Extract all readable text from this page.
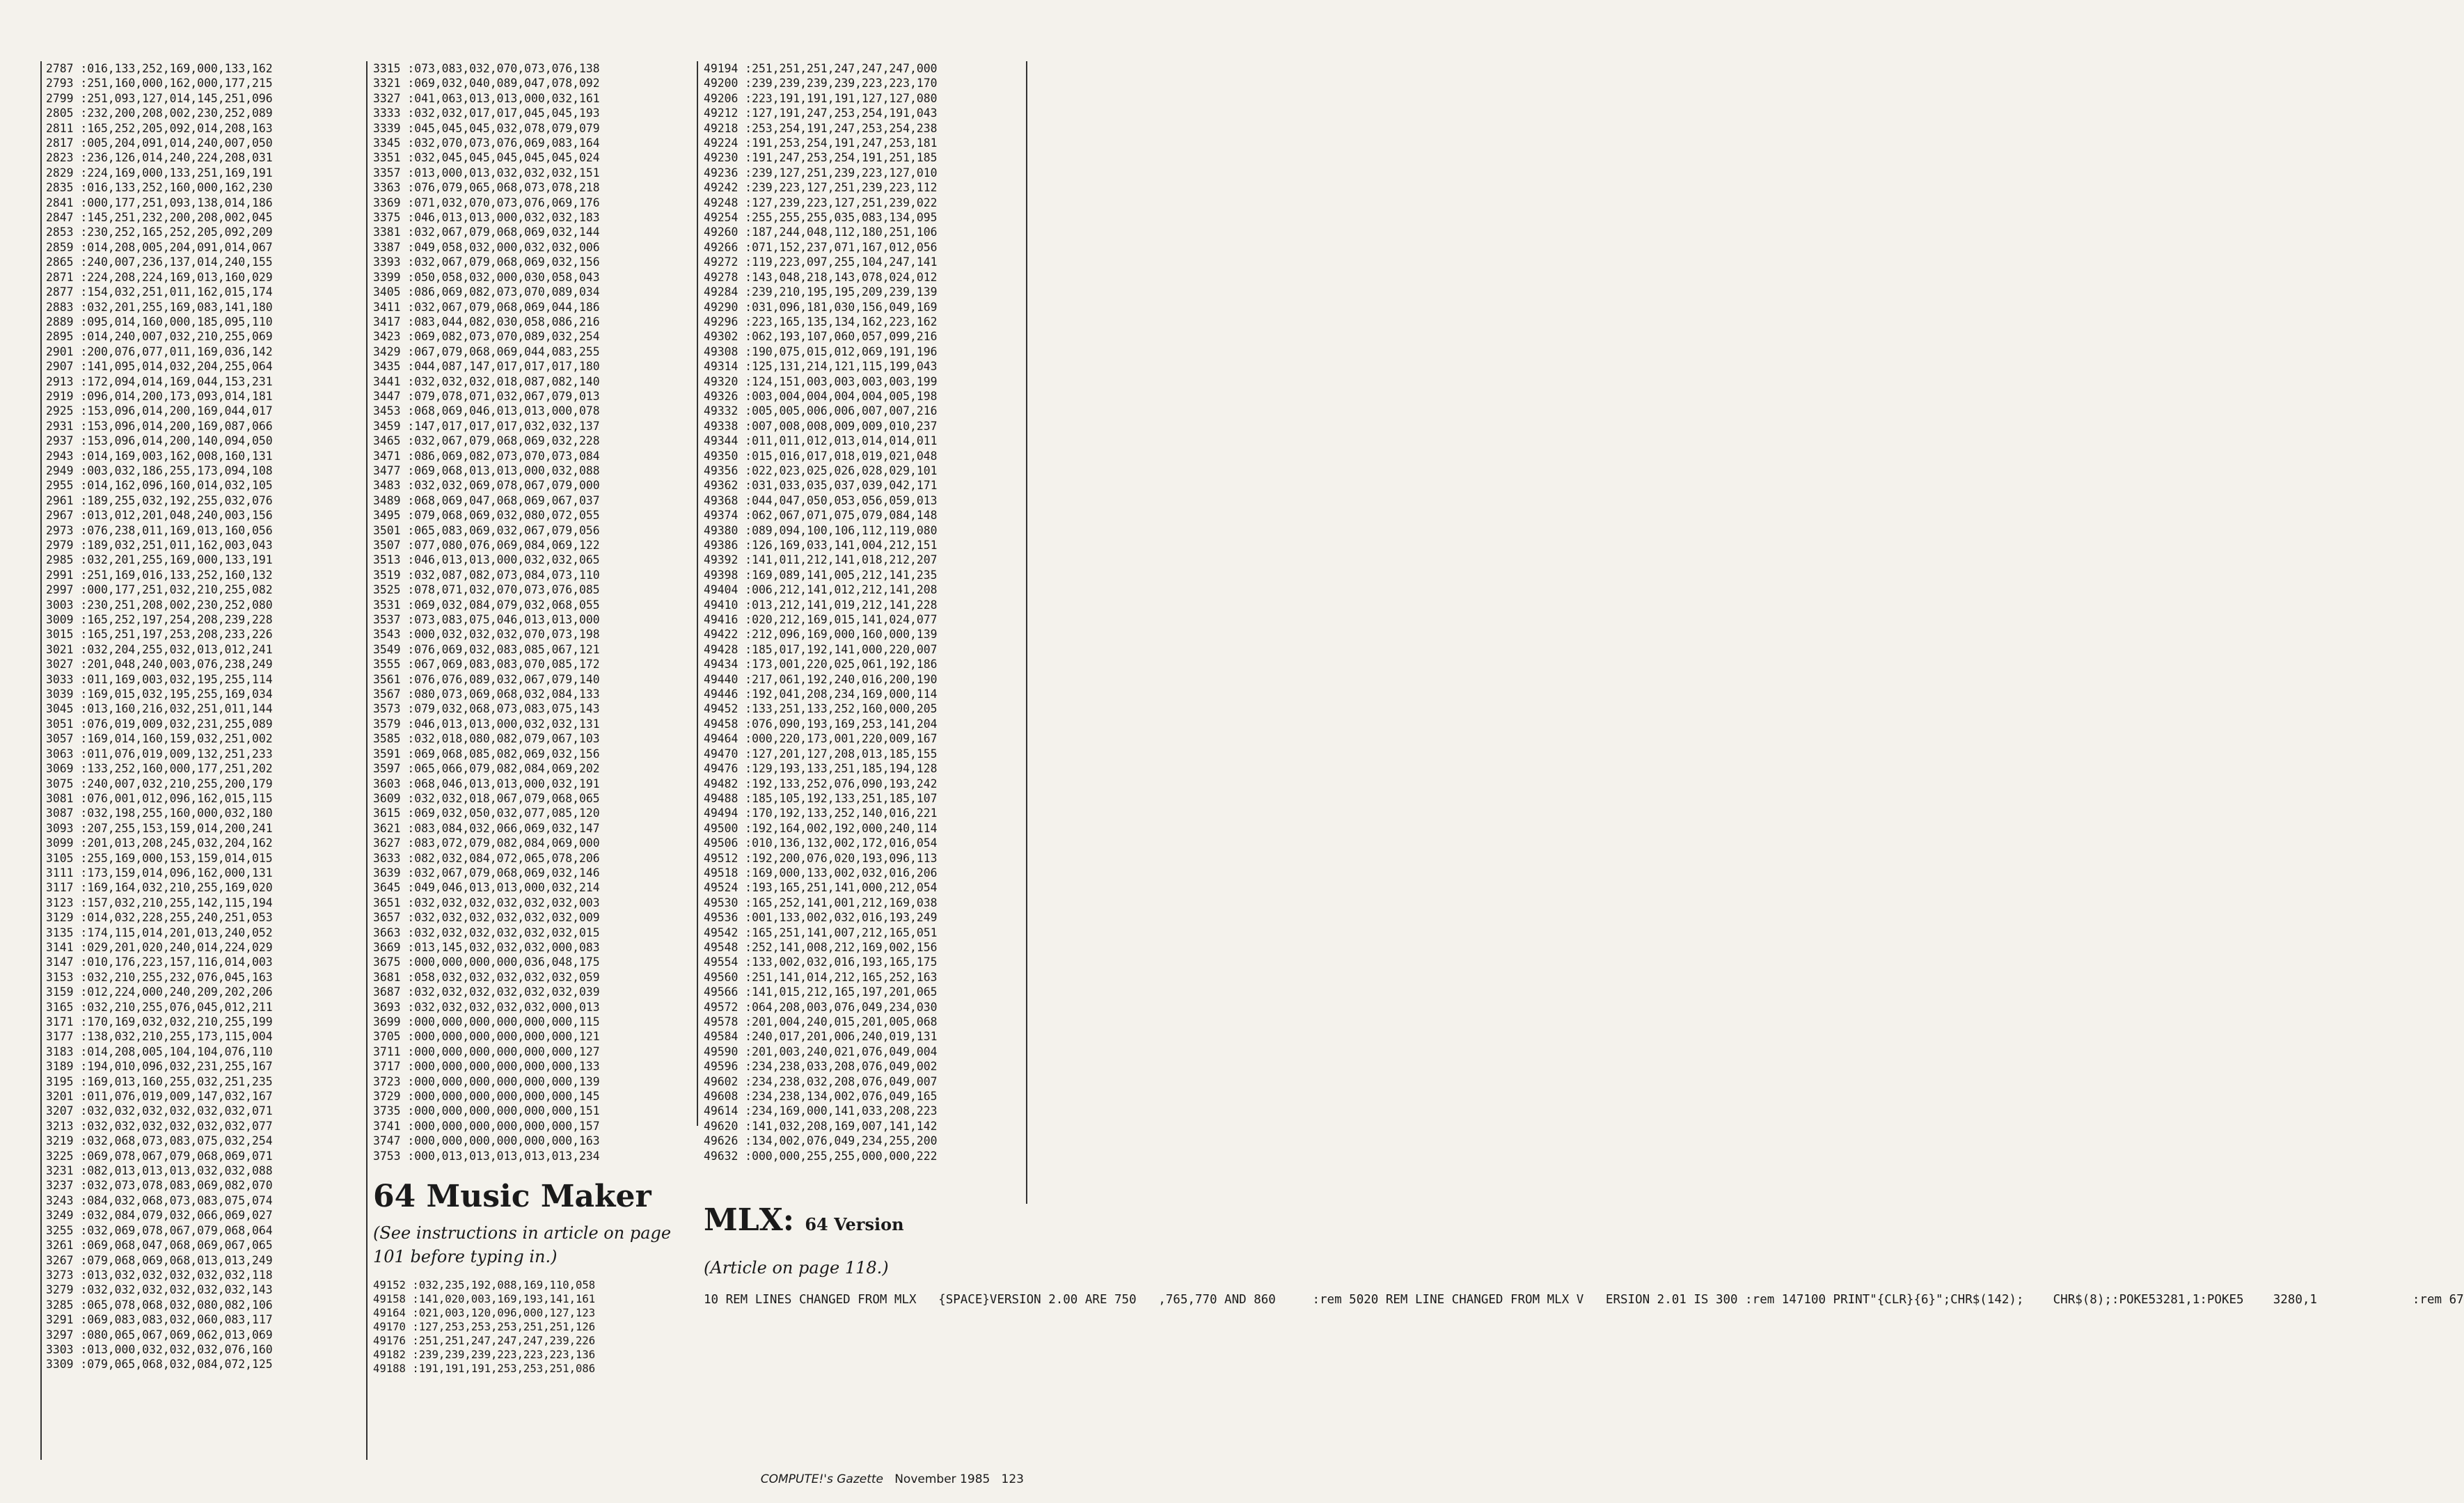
2787 :016,133,252,169,000,133,162
2793 :251,160,000,162,000,177,215
2799 :251,093,127,014,145,251,096
2805 :232,200,208,002,230,252,089
2811 :165,252,205,092,014,208,163
2817 :005,204,091,014,240,007,050
2823 :236,126,014,240,224,208,031
2829 :224,169,000,133,251,169,191
2835 :016,133,252,160,000,162,230
2841 :000,177,251,093,138,014,186
2847 :145,251,232,200,208,002,045
2853 :230,252,165,252,205,092,209
2859 :014,208,005,204,091,014,067
2865 :240,007,236,137,014,240,155
2871 :224,208,224,169,013,160,029
2877 :154,032,251,011,162,015,174
2883 :032,201,255,169,083,141,180
2889 :095,014,160,000,185,095,110
2895 :014,240,007,032,210,255,069
2901 :200,076,077,011,169,036,142
2907 :141,095,014,032,204,255,064
2913 :172,094,014,169,044,153,231
2919 :096,014,200,173,093,014,181
2925 :153,096,014,200,169,044,017
2931 :153,096,014,200,169,087,066
2937 :153,096,014,200,140,094,050
2943 :014,169,003,162,008,160,131
2949 :003,032,186,255,173,094,108
2955 :014,162,096,160,014,032,105
2961 :189,255,032,192,255,032,076
2967 :013,012,201,048,240,003,156
2973 :076,238,011,169,013,160,056
2979 :189,032,251,011,162,003,043
2985 :032,201,255,169,000,133,191
2991 :251,169,016,133,252,160,132
2997 :000,177,251,032,210,255,082
3003 :230,251,208,002,230,252,080
3009 :165,252,197,254,208,239,228
3015 :165,251,197,253,208,233,226
3021 :032,204,255,032,013,012,241
3027 :201,048,240,003,076,238,249
3033 :011,169,003,032,195,255,114
3039 :169,015,032,195,255,169,034
3045 :013,160,216,032,251,011,144
3051 :076,019,009,032,231,255,089
3057 :169,014,160,159,032,251,002
3063 :011,076,019,009,132,251,233
3069 :133,252,160,000,177,251,202
3075 :240,007,032,210,255,200,179
3081 :076,001,012,096,162,015,115
3087 :032,198,255,160,000,032,180
3093 :207,255,153,159,014,200,241
3099 :201,013,208,245,032,204,162
3105 :255,169,000,153,159,014,015
3111 :173,159,014,096,162,000,131
3117 :169,164,032,210,255,169,020
3123 :157,032,210,255,142,115,194
3129 :014,032,228,255,240,251,053
3135 :174,115,014,201,013,240,052
3141 :029,201,020,240,014,224,029
3147 :010,176,223,157,116,014,003
3153 :032,210,255,232,076,045,163
3159 :012,224,000,240,209,202,206
3165 :032,210,255,076,045,012,211
3171 :170,169,032,032,210,255,199
3177 :138,032,210,255,173,115,004
3183 :014,208,005,104,104,076,110
3189 :194,010,096,032,231,255,167
3195 :169,013,160,255,032,251,235
3201 :011,076,019,009,147,032,167
3207 :032,032,032,032,032,032,071
3213 :032,032,032,032,032,032,077
3219 :032,068,073,083,075,032,254
3225 :069,078,067,079,068,069,071
3231 :082,013,013,013,032,032,088
3237 :032,073,078,083,069,082,070
3243 :084,032,068,073,083,075,074
3249 :032,084,079,032,066,069,027
3255 :032,069,078,067,079,068,064
3261 :069,068,047,068,069,067,065
3267 :079,068,069,068,013,013,249
3273 :013,032,032,032,032,032,118
3279 :032,032,032,032,032,032,143
3285 :065,078,068,032,080,082,106
3291 :069,083,083,032,060,083,117
3297 :080,065,067,069,062,013,069
3303 :013,000,032,032,032,076,160
3309 :079,065,068,032,084,072,125
3315 :073,083,032,070,073,076,138
3321 :069,032,040,089,047,078,092
3327 :041,063,013,013,000,032,161
3333 :032,032,017,017,045,045,193
3339 :045,045,045,032,078,079,079
3345 :032,070,073,076,069,083,164
3351 :032,045,045,045,045,045,024
3357 :013,000,013,032,032,032,151
3363 :076,079,065,068,073,078,218
3369 :071,032,070,073,076,069,176
3375 :046,013,013,000,032,032,183
3381 :032,067,079,068,069,032,144
3387 :049,058,032,000,032,032,006
3393 :032,067,079,068,069,032,156
3399 :050,058,032,000,030,058,043
3405 :086,069,082,073,070,089,034
3411 :032,067,079,068,069,044,186
3417 :083,044,082,030,058,086,216
3423 :069,082,073,070,089,032,254
3429 :067,079,068,069,044,083,255
3435 :044,087,147,017,017,017,180
3441 :032,032,032,018,087,082,140
3447 :079,078,071,032,067,079,013
3453 :068,069,046,013,013,000,078
3459 :147,017,017,017,032,032,137
3465 :032,067,079,068,069,032,228
3471 :086,069,082,073,070,073,084
3477 :069,068,013,013,000,032,088
3483 :032,032,069,078,067,079,000
3489 :068,069,047,068,069,067,037
3495 :079,068,069,032,080,072,055
3501 :065,083,069,032,067,079,056
3507 :077,080,076,069,084,069,122
3513 :046,013,013,000,032,032,065
3519 :032,087,082,073,084,073,110
3525 :078,071,032,070,073,076,085
3531 :069,032,084,079,032,068,055
3537 :073,083,075,046,013,013,000
3543 :000,032,032,032,070,073,198
3549 :076,069,032,083,085,067,121
3555 :067,069,083,083,070,085,172
3561 :076,076,089,032,067,079,140
3567 :080,073,069,068,032,084,133
3573 :079,032,068,073,083,075,143
3579 :046,013,013,000,032,032,131
3585 :032,018,080,082,079,067,103
3591 :069,068,085,082,069,032,156
3597 :065,066,079,082,084,069,202
3603 :068,046,013,013,000,032,191
3609 :032,032,018,067,079,068,065
3615 :069,032,050,032,077,085,120
3621 :083,084,032,066,069,032,147
3627 :083,072,079,082,084,069,000
3633 :082,032,084,072,065,078,206
3639 :032,067,079,068,069,032,146
3645 :049,046,013,013,000,032,214
3651 :032,032,032,032,032,032,003
3657 :032,032,032,032,032,032,009
3663 :032,032,032,032,032,032,015
3669 :013,145,032,032,032,000,083
3675 :000,000,000,000,036,048,175
3681 :058,032,032,032,032,032,059
3687 :032,032,032,032,032,032,039
3693 :032,032,032,032,032,000,013
3699 :000,000,000,000,000,000,115
3705 :000,000,000,000,000,000,121
3711 :000,000,000,000,000,000,127
3717 :000,000,000,000,000,000,133
3723 :000,000,000,000,000,000,139
3729 :000,000,000,000,000,000,145
3735 :000,000,000,000,000,000,151
3741 :000,000,000,000,000,000,157
3747 :000,000,000,000,000,000,163
3753 :000,013,013,013,013,013,234
64 Music Maker
(See instructions in article on page 101 before typing in.)
49152 :032,235,192,088,169,110,058
49158 :141,020,003,169,193,141,161
49164 :021,003,120,096,000,127,123
49170 :127,253,253,253,251,251,126
49176 :251,251,247,247,247,239,226
49182 :239,239,239,223,223,223,136
49188 :191,191,191,253,253,251,086
49194 :251,251,251,247,247,247,000
49200 :239,239,239,239,223,223,170
49206 :223,191,191,191,127,127,080
49212 :127,191,247,253,254,191,043
49218 :253,254,191,247,253,254,238
49224 :191,253,254,191,247,253,181
49230 :191,247,253,254,191,251,185
49236 :239,127,251,239,223,127,010
49242 :239,223,127,251,239,223,112
49248 :127,239,223,127,251,239,022
49254 :255,255,255,035,083,134,095
49260 :187,244,048,112,180,251,106
49266 :071,152,237,071,167,012,056
49272 :119,223,097,255,104,247,141
49278 :143,048,218,143,078,024,012
49284 :239,210,195,195,209,239,139
49290 :031,096,181,030,156,049,169
49296 :223,165,135,134,162,223,162
49302 :062,193,107,060,057,099,216
49308 :190,075,015,012,069,191,196
49314 :125,131,214,121,115,199,043
49320 :124,151,003,003,003,003,199
49326 :003,004,004,004,004,005,198
49332 :005,005,006,006,007,007,216
49338 :007,008,008,009,009,010,237
49344 :011,011,012,013,014,014,011
49350 :015,016,017,018,019,021,048
49356 :022,023,025,026,028,029,101
49362 :031,033,035,037,039,042,171
49368 :044,047,050,053,056,059,013
49374 :062,067,071,075,079,084,148
49380 :089,094,100,106,112,119,080
49386 :126,169,033,141,004,212,151
49392 :141,011,212,141,018,212,207
49398 :169,089,141,005,212,141,235
49404 :006,212,141,012,212,141,208
49410 :013,212,141,019,212,141,228
49416 :020,212,169,015,141,024,077
49422 :212,096,169,000,160,000,139
49428 :185,017,192,141,000,220,007
49434 :173,001,220,025,061,192,186
49440 :217,061,192,240,016,200,190
49446 :192,041,208,234,169,000,114
49452 :133,251,133,252,160,000,205
49458 :076,090,193,169,253,141,204
49464 :000,220,173,001,220,009,167
49470 :127,201,127,208,013,185,155
49476 :129,193,133,251,185,194,128
49482 :192,133,252,076,090,193,242
49488 :185,105,192,133,251,185,107
49494 :170,192,133,252,140,016,221
49500 :192,164,002,192,000,240,114
49506 :010,136,132,002,172,016,054
49512 :192,200,076,020,193,096,113
49518 :169,000,133,002,032,016,206
49524 :193,165,251,141,000,212,054
49530 :165,252,141,001,212,169,038
49536 :001,133,002,032,016,193,249
49542 :165,251,141,007,212,165,051
49548 :252,141,008,212,169,002,156
49554 :133,002,032,016,193,165,175
49560 :251,141,014,212,165,252,163
49566 :141,015,212,165,197,201,065
49572 :064,208,003,076,049,234,030
49578 :201,004,240,015,201,005,068
49584 :240,017,201,006,240,019,131
49590 :201,003,240,021,076,049,004
49596 :234,238,033,208,076,049,002
49602 :234,238,032,208,076,049,007
49608 :234,238,134,002,076,049,165
49614 :234,169,000,141,033,208,223
49620 :141,032,208,169,007,141,142
49626 :134,002,076,049,234,255,200
49632 :000,000,255,255,000,000,222
MLX: 64 Version
(Article on page 118.)
10 REM LINES CHANGED FROM MLX   {SPACE}VERSION 2.00 ARE 750   ,765,770 AND 860     :rem 5020 REM LINE CHANGED FROM MLX V   ERSION 2.01 IS 300 :rem 147100 PRINT"{CLR}{6}";CHR$(142);    CHR$(8);:POKE53281,1:POKE5    3280,1             :rem 67
COMPUTE!'s Gazette November 1985 123
